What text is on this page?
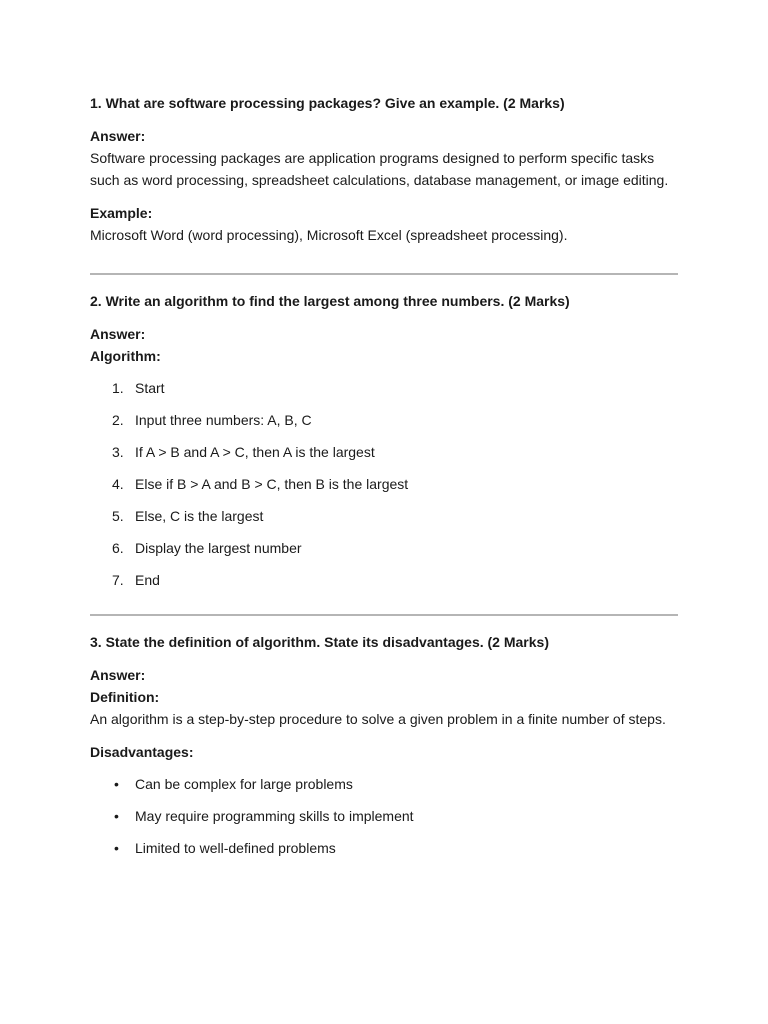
1. What are software processing packages? Give an example. (2 Marks)

Answer:

Software processing packages are application programs designed to perform specific tasks such as word processing, spreadsheet calculations, database management, or image editing.

Example:

Microsoft Word (word processing), Microsoft Excel (spreadsheet processing).

2. Write an algorithm to find the largest among three numbers. (2 Marks)

Answer:

Algorithm:

1. Start
2. Input three numbers: A, B, C
3. If A > B and A > C, then A is the largest
4. Else if B > A and B > C, then B is the largest
5. Else, C is the largest
6. Display the largest number
7. End

3. State the definition of algorithm. State its disadvantages. (2 Marks)

Answer:

Definition:

An algorithm is a step-by-step procedure to solve a given problem in a finite number of steps.

Disadvantages:

• Can be complex for large problems
• May require programming skills to implement
• Limited to well-defined problems
